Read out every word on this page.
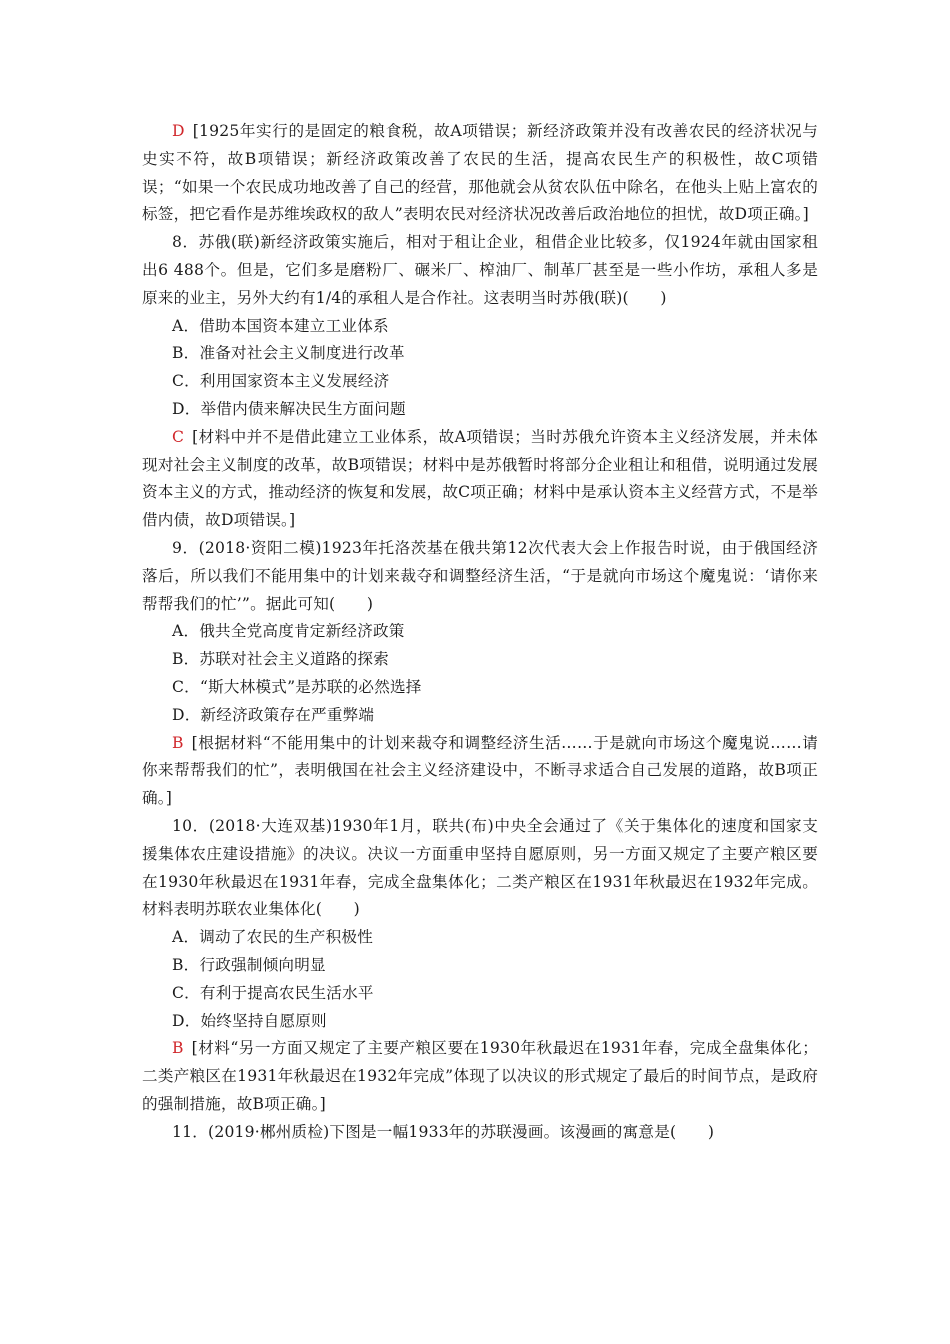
D [1925年实行的是固定的粮食税，故A项错误；新经济政策并没有改善农民的经济状况与史实不符，故B项错误；新经济政策改善了农民的生活，提高农民生产的积极性，故C项错误；“如果一个农民成功地改善了自己的经营，那他就会从贫农队伍中除名，在他头上贴上富农的标签，把它看作是苏维埃政权的敌人”表明农民对经济状况改善后政治地位的担忧，故D项正确。]

8．苏俄(联)新经济政策实施后，相对于租让企业，租借企业比较多，仅1924年就由国家租出6 488个。但是，它们多是磨粉厂、碾米厂、榨油厂、制革厂甚至是一些小作坊，承租人多是原来的业主，另外大约有1/4的承租人是合作社。这表明当时苏俄(联)(　　)

A．借助本国资本建立工业体系

B．准备对社会主义制度进行改革

C．利用国家资本主义发展经济

D．举借内债来解决民生方面问题

C [材料中并不是借此建立工业体系，故A项错误；当时苏俄允许资本主义经济发展，并未体现对社会主义制度的改革，故B项错误；材料中是苏俄暂时将部分企业租让和租借，说明通过发展资本主义的方式，推动经济的恢复和发展，故C项正确；材料中是承认资本主义经营方式，不是举借内债，故D项错误。]

9．(2018·资阳二模)1923年托洛茨基在俄共第12次代表大会上作报告时说，由于俄国经济落后，所以我们不能用集中的计划来裁夺和调整经济生活，“于是就向市场这个魔鬼说：‘请你来帮帮我们的忙’”。据此可知(　　)

A．俄共全党高度肯定新经济政策

B．苏联对社会主义道路的探索

C．“斯大林模式”是苏联的必然选择

D．新经济政策存在严重弊端

B [根据材料“不能用集中的计划来裁夺和调整经济生活……于是就向市场这个魔鬼说……请你来帮帮我们的忙”，表明俄国在社会主义经济建设中，不断寻求适合自己发展的道路，故B项正确。]

10．(2018·大连双基)1930年1月，联共(布)中央全会通过了《关于集体化的速度和国家支援集体农庄建设措施》的决议。决议一方面重申坚持自愿原则，另一方面又规定了主要产粮区要在1930年秋最迟在1931年春，完成全盘集体化；二类产粮区在1931年秋最迟在1932年完成。材料表明苏联农业集体化(　　)

A．调动了农民的生产积极性

B．行政强制倾向明显

C．有利于提高农民生活水平

D．始终坚持自愿原则

B [材料“另一方面又规定了主要产粮区要在1930年秋最迟在1931年春，完成全盘集体化；二类产粮区在1931年秋最迟在1932年完成”体现了以决议的形式规定了最后的时间节点，是政府的强制措施，故B项正确。]

11．(2019·郴州质检)下图是一幅1933年的苏联漫画。该漫画的寓意是(　　)
